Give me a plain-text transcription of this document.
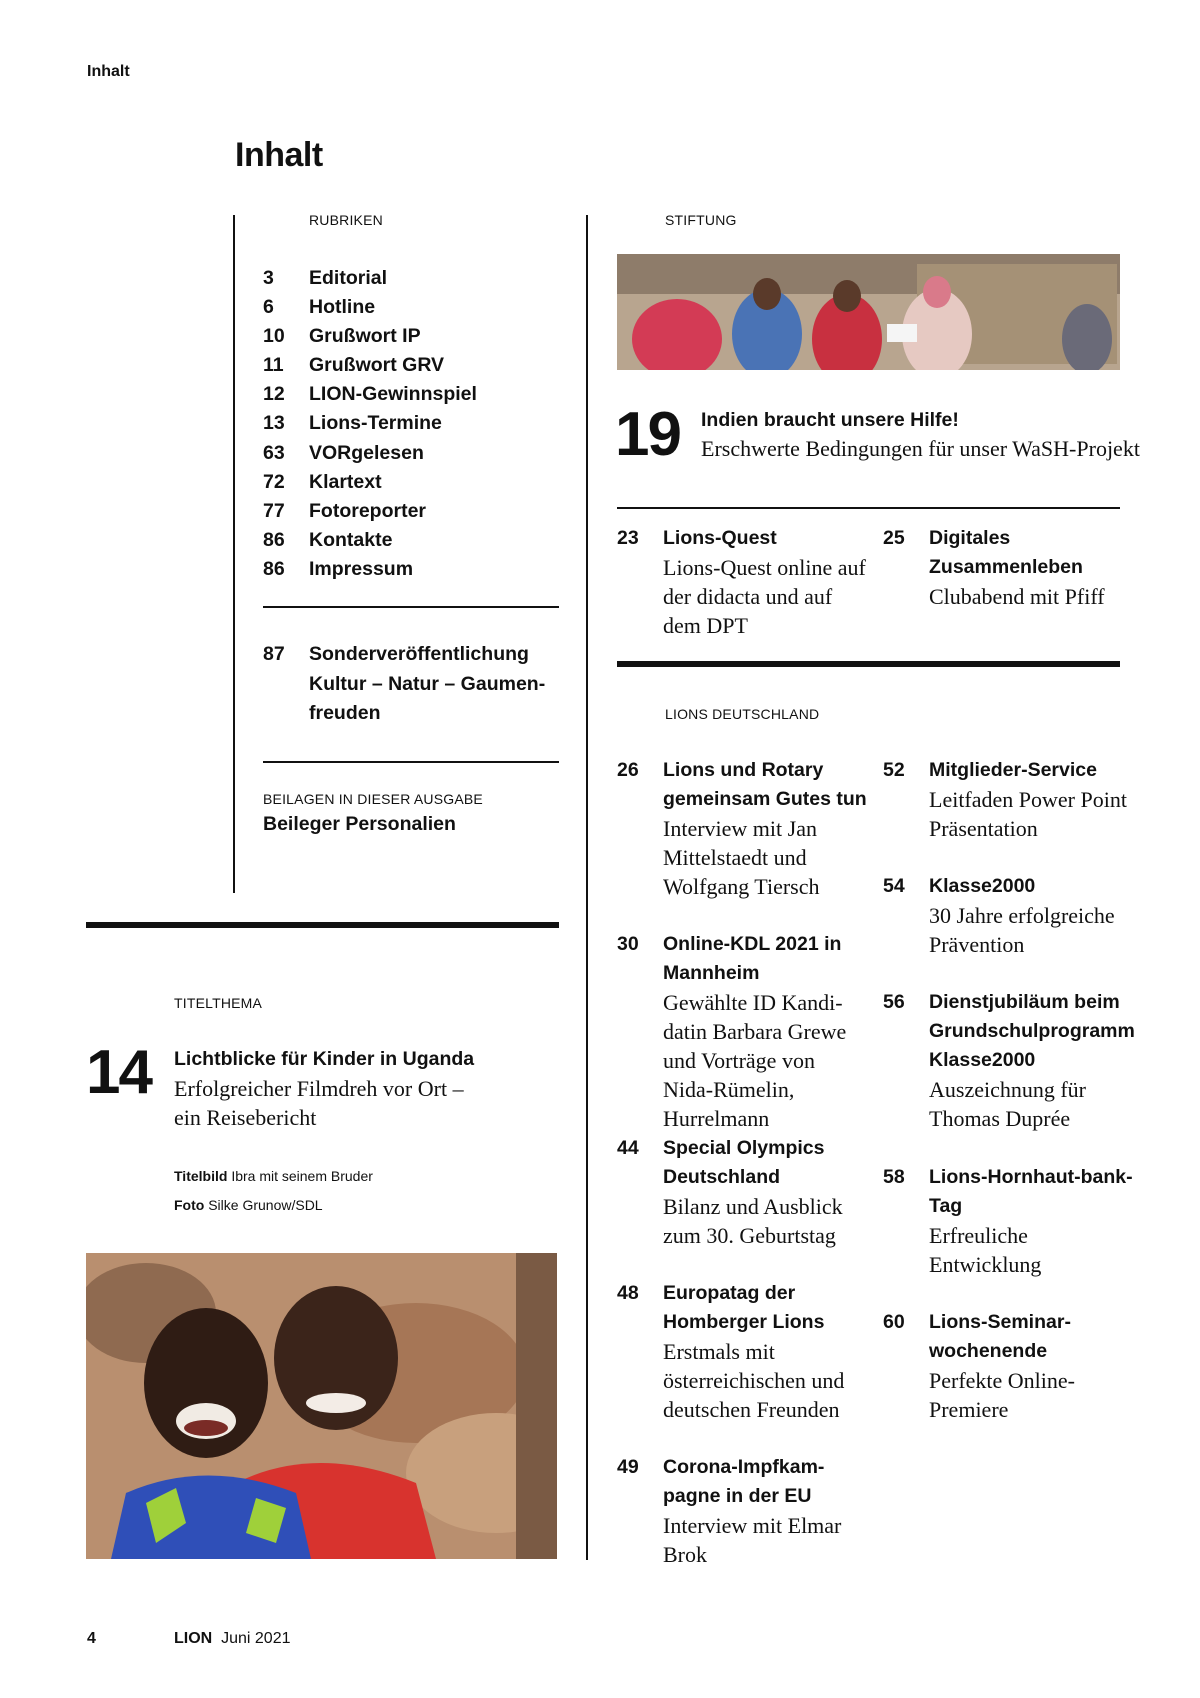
Inhalt
Inhalt
RUBRIKEN
3	Editorial
6	Hotline
10	Grußwort IP
11	Grußwort GRV
12	LION-Gewinnspiel
13	Lions-Termine
63	VORgelesen
72	Klartext
77	Fotoreporter
86	Kontakte
86	Impressum
87	Sonderveröffentlichung Kultur – Natur – Gaumen-freuden
BEILAGEN IN DIESER AUSGABE
Beileger Personalien
TITELTHEMA
14 Lichtblicke für Kinder in Uganda
Erfolgreicher Filmdreh vor Ort – ein Reisebericht
Titelbild Ibra mit seinem Bruder
Foto Silke Grunow/SDL
STIFTUNG
19 Indien braucht unsere Hilfe!
Erschwerte Bedingungen für unser WaSH-Projekt
23	Lions-Quest
Lions-Quest online auf der didacta und auf dem DPT
25	Digitales Zusammenleben
Clubabend mit Pfiff
LIONS DEUTSCHLAND
26	Lions und Rotary gemeinsam Gutes tun
Interview mit Jan Mittelstaedt und Wolfgang Tiersch
30	Online-KDL 2021 in Mannheim
Gewählte ID Kandi-datin Barbara Grewe und Vorträge von Nida-Rümelin, Hurrelmann
44	Special Olympics Deutschland
Bilanz und Ausblick zum 30. Geburtstag
48	Europatag der Homberger Lions
Erstmals mit österreichischen und deutschen Freunden
49	Corona-Impfkam-pagne in der EU
Interview mit Elmar Brok
52	Mitglieder-Service
Leitfaden Power Point Präsentation
54	Klasse2000
30 Jahre erfolgreiche Prävention
56	Dienstjubiläum beim Grundschulprogramm Klasse2000
Auszeichnung für Thomas Duprée
58	Lions-Hornhaut-bank-Tag
Erfreuliche Entwicklung
60	Lions-Seminar-wochenende
Perfekte Online-Premiere
4	LION Juni 2021
